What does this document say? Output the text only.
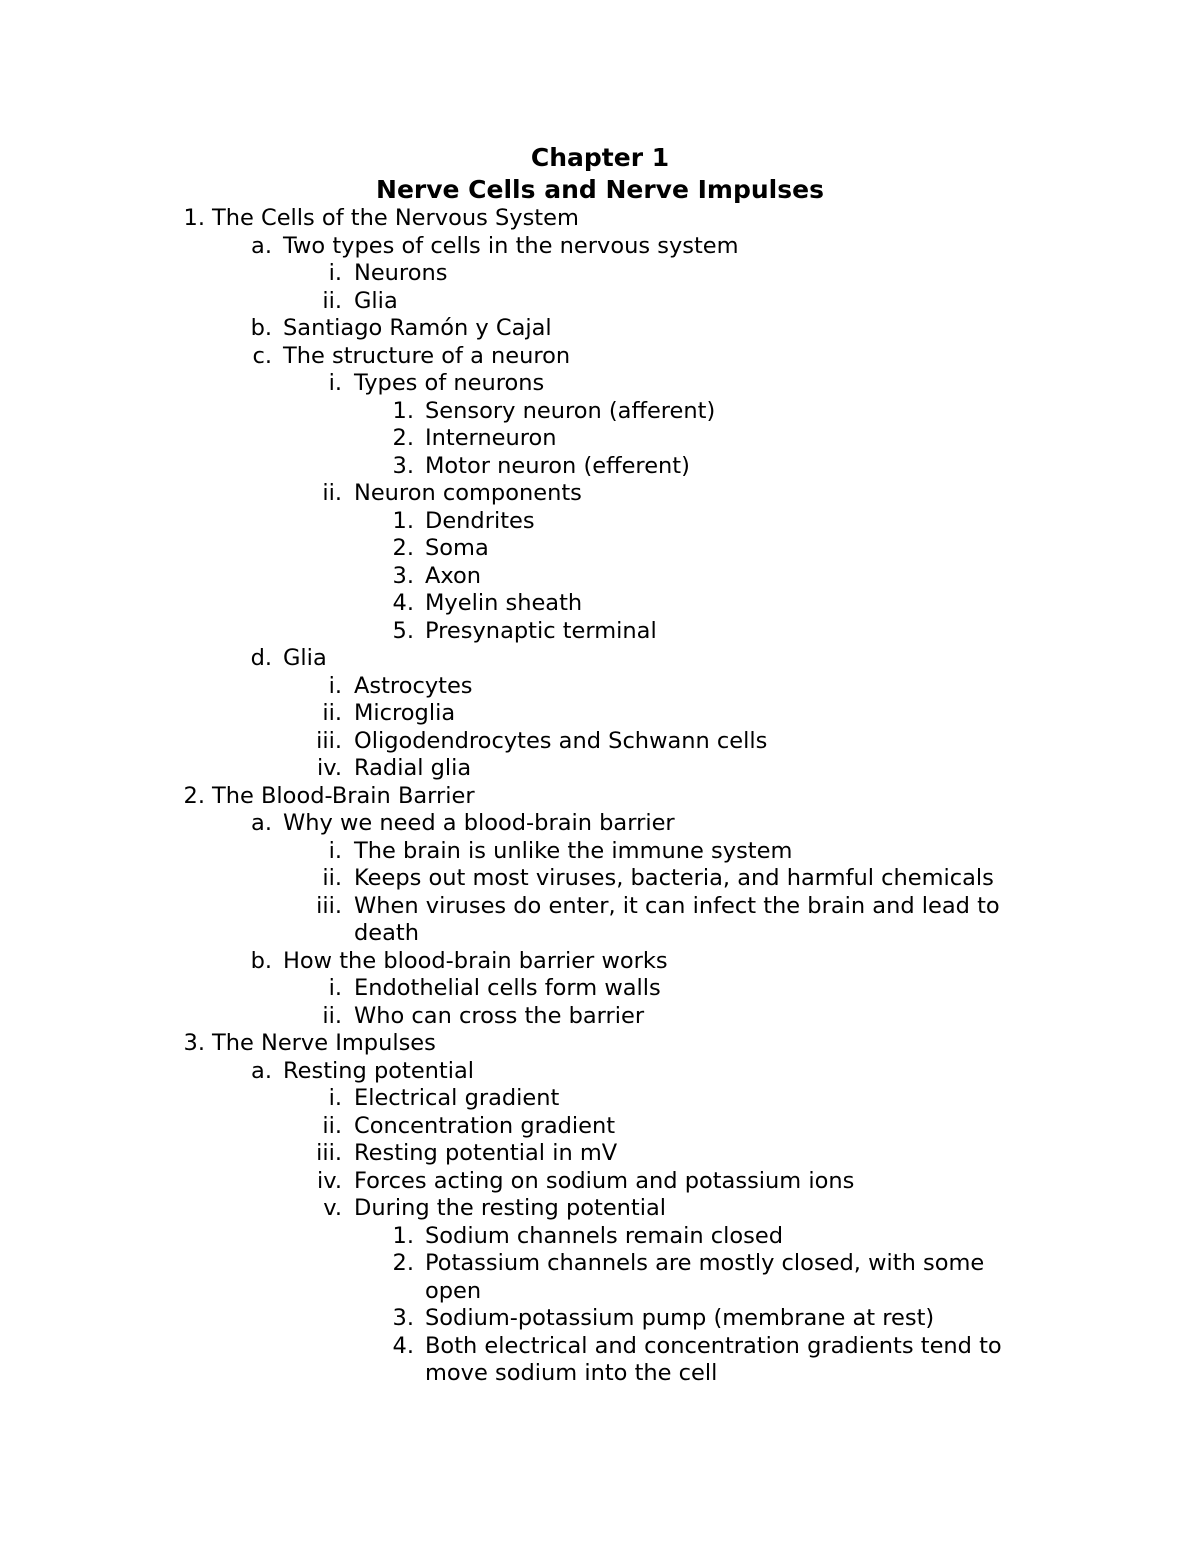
Chapter 1
Nerve Cells and Nerve Impulses
1. The Cells of the Nervous System
a. Two types of cells in the nervous system
i. Neurons
ii. Glia
b. Santiago Ramón y Cajal
c. The structure of a neuron
i. Types of neurons
1. Sensory neuron (afferent)
2. Interneuron
3. Motor neuron (efferent)
ii. Neuron components
1. Dendrites
2. Soma
3. Axon
4. Myelin sheath
5. Presynaptic terminal
d. Glia
i. Astrocytes
ii. Microglia
iii. Oligodendrocytes and Schwann cells
iv. Radial glia
2. The Blood-Brain Barrier
a. Why we need a blood-brain barrier
i. The brain is unlike the immune system
ii. Keeps out most viruses, bacteria, and harmful chemicals
iii. When viruses do enter, it can infect the brain and lead to death
b. How the blood-brain barrier works
i. Endothelial cells form walls
ii. Who can cross the barrier
3. The Nerve Impulses
a. Resting potential
i. Electrical gradient
ii. Concentration gradient
iii. Resting potential in mV
iv. Forces acting on sodium and potassium ions
v. During the resting potential
1. Sodium channels remain closed
2. Potassium channels are mostly closed, with some open
3. Sodium-potassium pump (membrane at rest)
4. Both electrical and concentration gradients tend to move sodium into the cell
